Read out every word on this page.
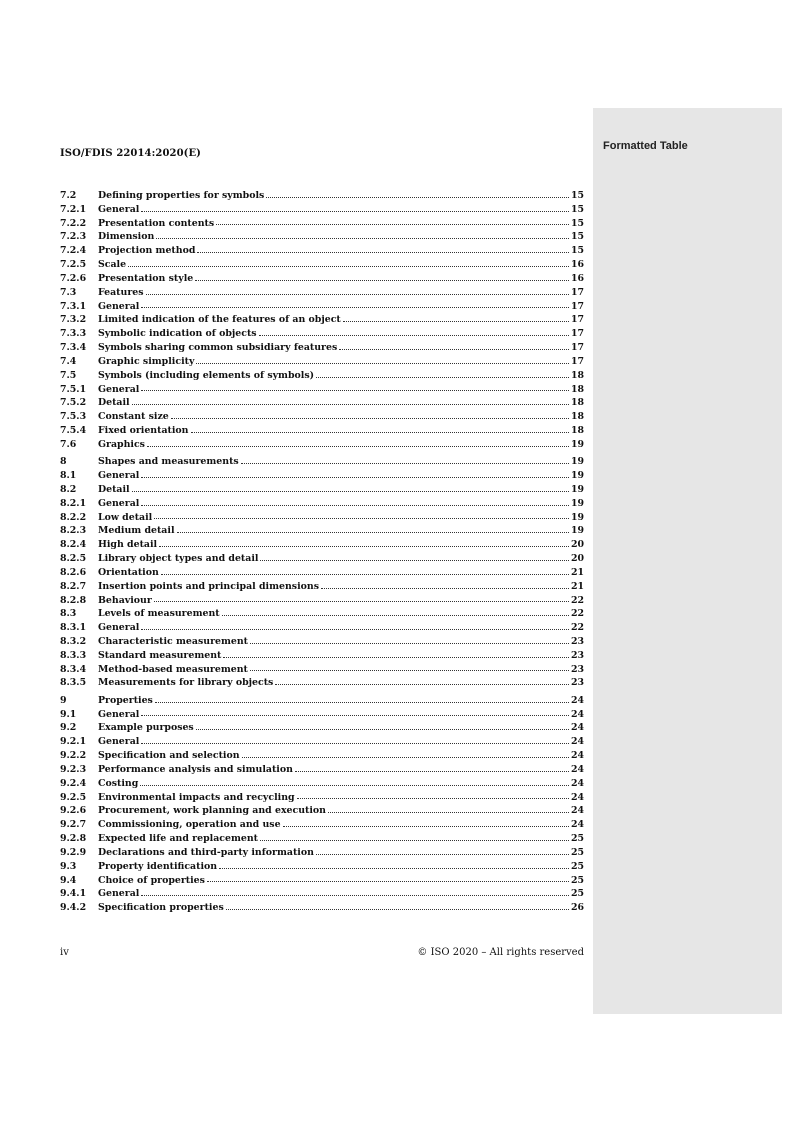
Formatted Table
ISO/FDIS 22014:2020(E)
7.2	Defining properties for symbols	15
7.2.1	General	15
7.2.2	Presentation contents	15
7.2.3	Dimension	15
7.2.4	Projection method	15
7.2.5	Scale	16
7.2.6	Presentation style	16
7.3	Features	17
7.3.1	General	17
7.3.2	Limited indication of the features of an object	17
7.3.3	Symbolic indication of objects	17
7.3.4	Symbols sharing common subsidiary features	17
7.4	Graphic simplicity	17
7.5	Symbols (including elements of symbols)	18
7.5.1	General	18
7.5.2	Detail	18
7.5.3	Constant size	18
7.5.4	Fixed orientation	18
7.6	Graphics	19
8	Shapes and measurements	19
8.1	General	19
8.2	Detail	19
8.2.1	General	19
8.2.2	Low detail	19
8.2.3	Medium detail	19
8.2.4	High detail	20
8.2.5	Library object types and detail	20
8.2.6	Orientation	21
8.2.7	Insertion points and principal dimensions	21
8.2.8	Behaviour	22
8.3	Levels of measurement	22
8.3.1	General	22
8.3.2	Characteristic measurement	23
8.3.3	Standard measurement	23
8.3.4	Method-based measurement	23
8.3.5	Measurements for library objects	23
9	Properties	24
9.1	General	24
9.2	Example purposes	24
9.2.1	General	24
9.2.2	Specification and selection	24
9.2.3	Performance analysis and simulation	24
9.2.4	Costing	24
9.2.5	Environmental impacts and recycling	24
9.2.6	Procurement, work planning and execution	24
9.2.7	Commissioning, operation and use	24
9.2.8	Expected life and replacement	25
9.2.9	Declarations and third-party information	25
9.3	Property identification	25
9.4	Choice of properties	25
9.4.1	General	25
9.4.2	Specification properties	26
iv	© ISO 2020 – All rights reserved
